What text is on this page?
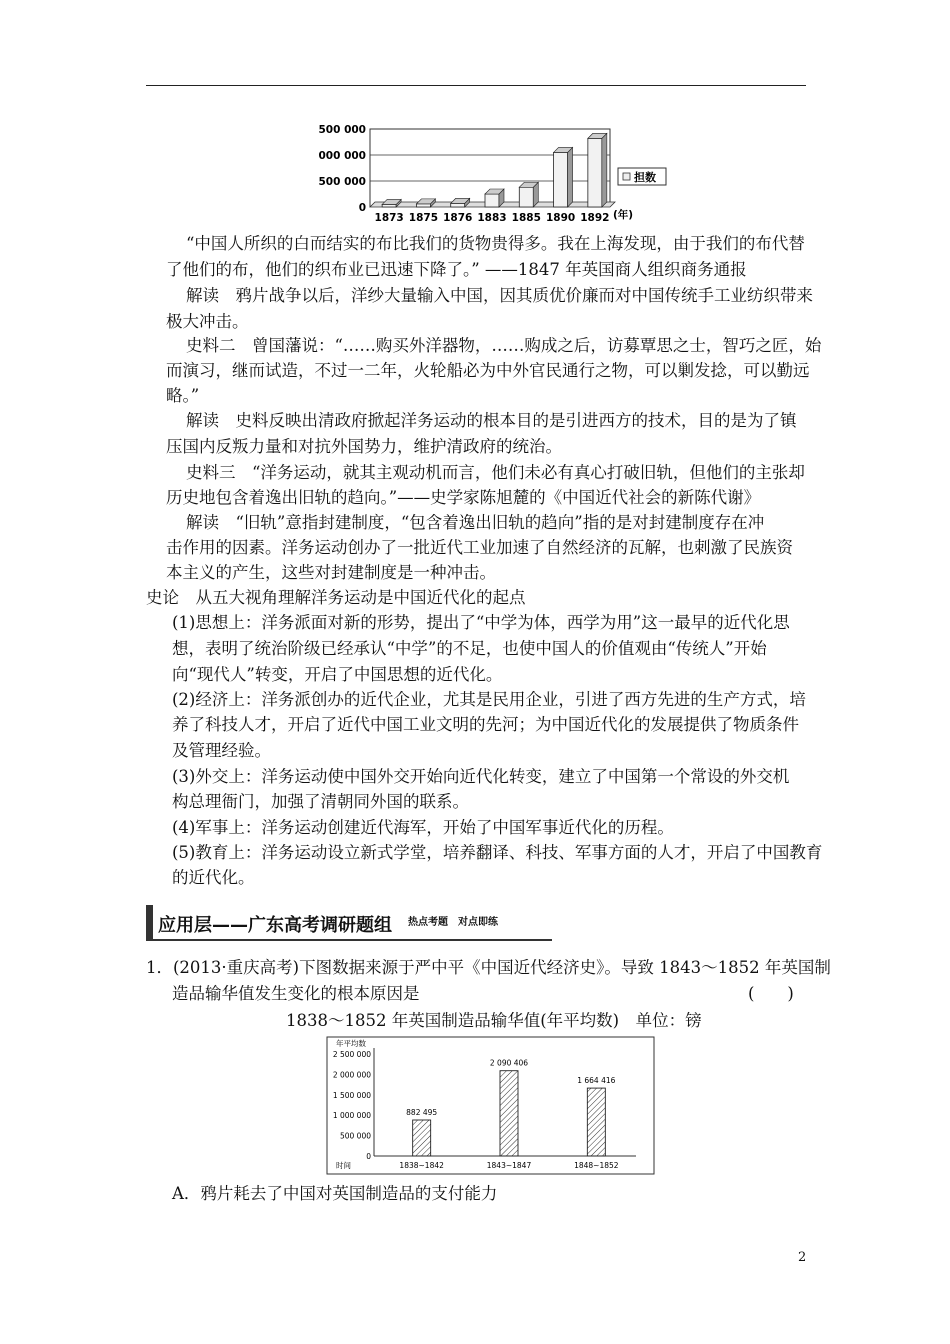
0
500 000
000 000
500 000
1873 1875 1876 1883 1885 1890 1892 (年)
担数
“中国人所织的白而结实的布比我们的货物贵得多。我在上海发现，由于我们的布代替
了他们的布，他们的织布业已迅速下降了。” ——1847 年英国商人组织商务通报
解读　鸦片战争以后，洋纱大量输入中国，因其质优价廉而对中国传统手工业纺织带来
极大冲击。
史料二　曾国藩说：“……购买外洋器物，……购成之后，访募覃思之士，智巧之匠，始
而演习，继而试造，不过一二年，火轮船必为中外官民通行之物，可以剿发捻，可以勤远
略。”
解读　史料反映出清政府掀起洋务运动的根本目的是引进西方的技术，目的是为了镇
压国内反叛力量和对抗外国势力，维护清政府的统治。
史料三　“洋务运动，就其主观动机而言，他们未必有真心打破旧轨，但他们的主张却
历史地包含着逸出旧轨的趋向。”——史学家陈旭麓的《中国近代社会的新陈代谢》
解读　“旧轨”意指封建制度，“包含着逸出旧轨的趋向”指的是对封建制度存在冲
击作用的因素。洋务运动创办了一批近代工业加速了自然经济的瓦解，也刺激了民族资
本主义的产生，这些对封建制度是一种冲击。
史论　从五大视角理解洋务运动是中国近代化的起点
(1)思想上：洋务派面对新的形势，提出了“中学为体，西学为用”这一最早的近代化思
想，表明了统治阶级已经承认“中学”的不足，也使中国人的价值观由“传统人”开始
向“现代人”转变，开启了中国思想的近代化。
(2)经济上：洋务派创办的近代企业，尤其是民用企业，引进了西方先进的生产方式，培
养了科技人才，开启了近代中国工业文明的先河；为中国近代化的发展提供了物质条件
及管理经验。
(3)外交上：洋务运动使中国外交开始向近代化转变，建立了中国第一个常设的外交机
构总理衙门，加强了清朝同外国的联系。
(4)军事上：洋务运动创建近代海军，开始了中国军事近代化的历程。
(5)教育上：洋务运动设立新式学堂，培养翻译、科技、军事方面的人才，开启了中国教育
的近代化。
应用层——广东高考调研题组 热点考题　对点即练
1．(2013·重庆高考)下图数据来源于严中平《中国近代经济史》。导致 1843～1852 年英国制
造品输华值发生变化的根本原因是	(　　)
1838～1852 年英国制造品输华值(年平均数)　单位：镑
年平均数
0
500 000
1 000 000
1 500 000
2 000 000
2 500 000
882 495
1838~1842
2 090 406
1843~1847
1 664 416
1848~1852
时间
A．鸦片耗去了中国对英国制造品的支付能力
2
